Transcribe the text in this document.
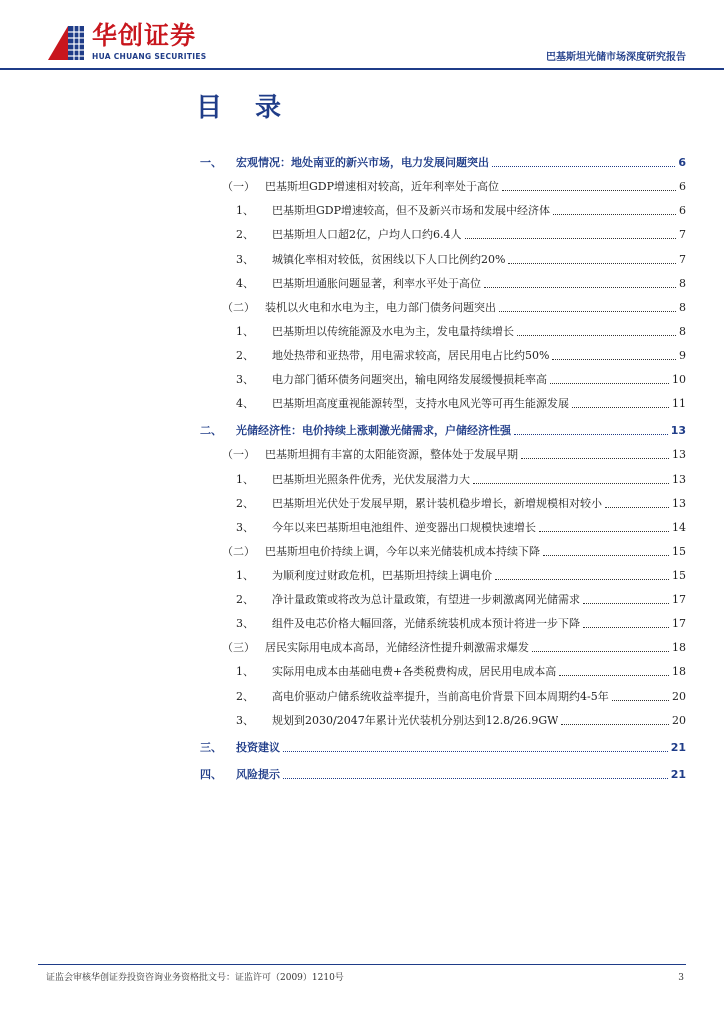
华创证券
HUA CHUANG SECURITIES	巴基斯坦光储市场深度研究报告
目 录
一、 宏观情况：地处南亚的新兴市场，电力发展问题突出	6
（一） 巴基斯坦GDP增速相对较高，近年利率处于高位	6
1、 巴基斯坦GDP增速较高，但不及新兴市场和发展中经济体	6
2、 巴基斯坦人口超2亿，户均人口约6.4人	7
3、 城镇化率相对较低，贫困线以下人口比例约20%	7
4、 巴基斯坦通胀问题显著，利率水平处于高位	8
（二） 装机以火电和水电为主，电力部门债务问题突出	8
1、 巴基斯坦以传统能源及水电为主，发电量持续增长	8
2、 地处热带和亚热带，用电需求较高，居民用电占比约50%	9
3、 电力部门循环债务问题突出，输电网络发展缓慢损耗率高	10
4、 巴基斯坦高度重视能源转型，支持水电风光等可再生能源发展	11
二、 光储经济性：电价持续上涨刺激光储需求，户储经济性强	13
（一） 巴基斯坦拥有丰富的太阳能资源，整体处于发展早期	13
1、 巴基斯坦光照条件优秀，光伏发展潜力大	13
2、 巴基斯坦光伏处于发展早期，累计装机稳步增长，新增规模相对较小	13
3、 今年以来巴基斯坦电池组件、逆变器出口规模快速增长	14
（二） 巴基斯坦电价持续上调，今年以来光储装机成本持续下降	15
1、 为顺利度过财政危机，巴基斯坦持续上调电价	15
2、 净计量政策或将改为总计量政策，有望进一步刺激离网光储需求	17
3、 组件及电芯价格大幅回落，光储系统装机成本预计将进一步下降	17
（三） 居民实际用电成本高昂，光储经济性提升刺激需求爆发	18
1、 实际用电成本由基础电费+各类税费构成，居民用电成本高	18
2、 高电价驱动户储系统收益率提升，当前高电价背景下回本周期约4-5年	20
3、 规划到2030/2047年累计光伏装机分别达到12.8/26.9GW	20
三、 投资建议	21
四、 风险提示	21
证监会审核华创证券投资咨询业务资格批文号：证监许可（2009）1210号	3
